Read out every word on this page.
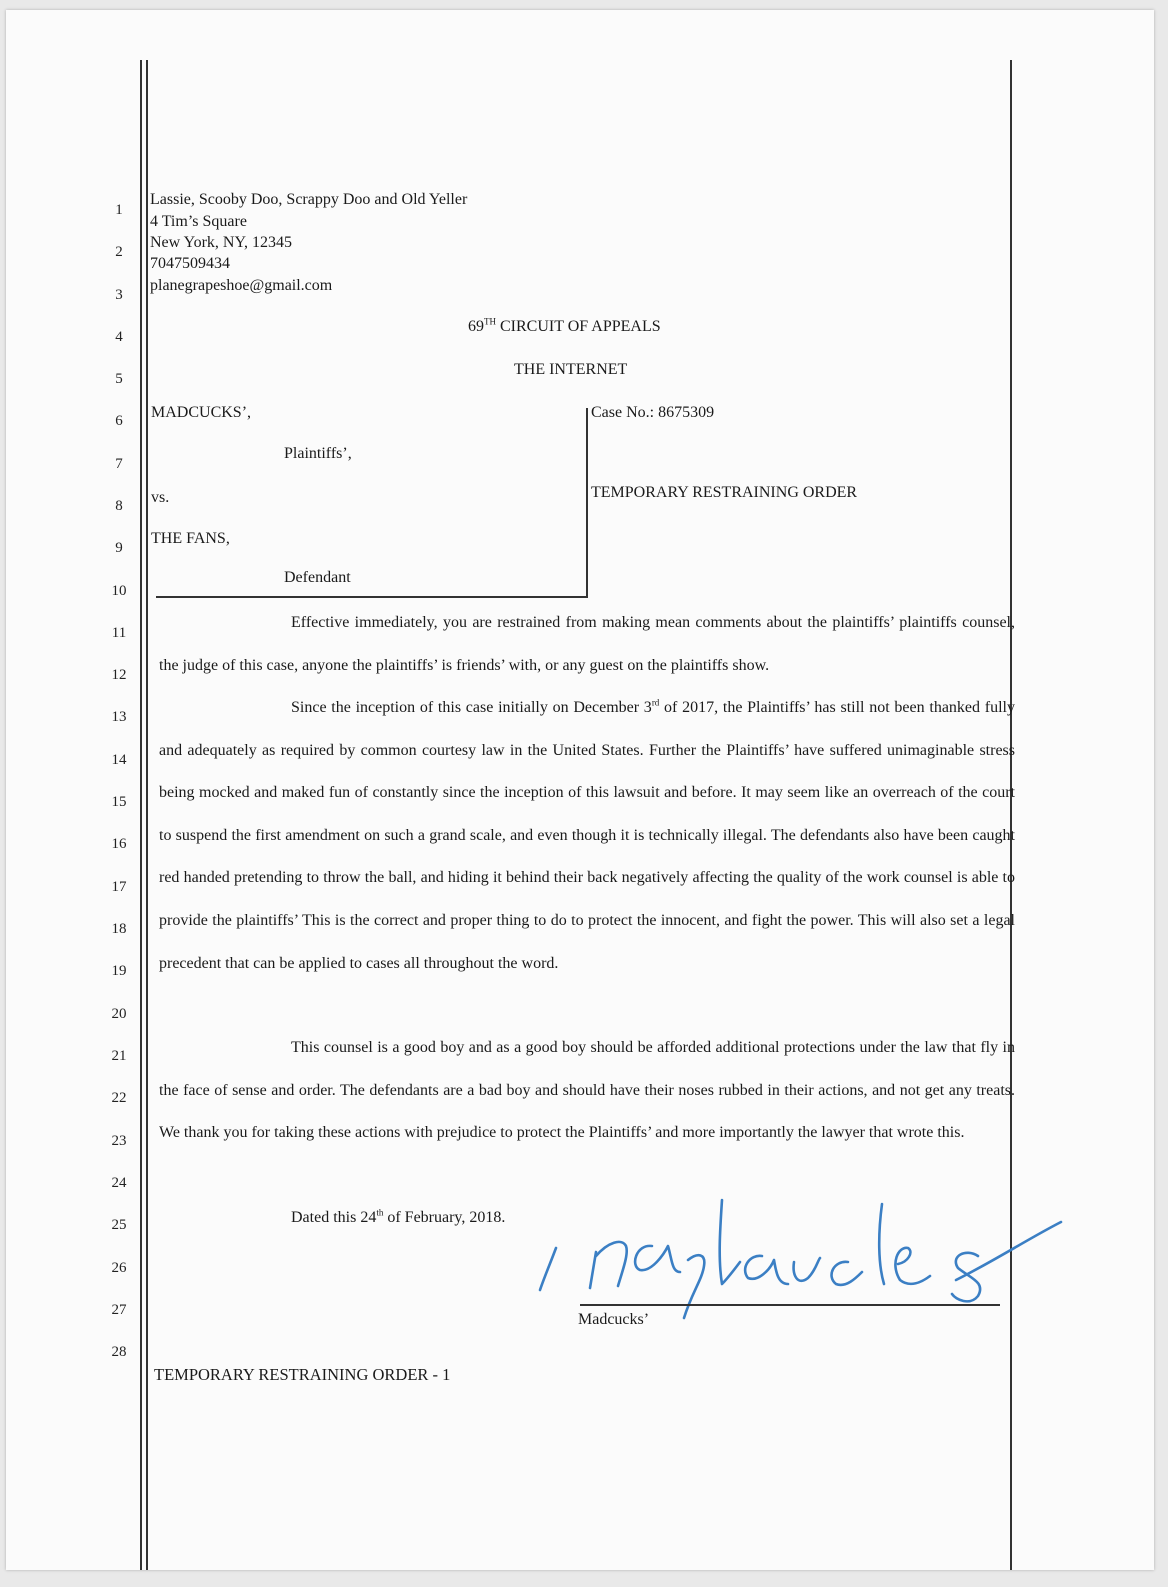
1
2
3
4
5
6
7
8
9
10
11
12
13
14
15
16
17
18
19
20
21
22
23
24
25
26
27
28
Lassie, Scooby Doo, Scrappy Doo and Old Yeller
4 Tim’s Square
New York, NY, 12345
7047509434
planegrapeshoe@gmail.com
69TH CIRCUIT OF APPEALS
THE INTERNET
MADCUCKS’,
Plaintiffs’,
vs.
THE FANS,
Defendant
Case No.: 8675309
TEMPORARY RESTRAINING ORDER
Effective immediately, you are restrained from making mean comments about the plaintiffs’ plaintiffs counsel, the judge of this case, anyone the plaintiffs’ is friends’ with, or any guest on the plaintiffs show.
Since the inception of this case initially on December 3rd of 2017, the Plaintiffs’ has still not been thanked fully and adequately as required by common courtesy law in the United States. Further the Plaintiffs’ have suffered unimaginable stress being mocked and maked fun of constantly since the inception of this lawsuit and before. It may seem like an overreach of the court to suspend the first amendment on such a grand scale, and even though it is technically illegal. The defendants also have been caught red handed pretending to throw the ball, and hiding it behind their back negatively affecting the quality of the work counsel is able to provide the plaintiffs’ This is the correct and proper thing to do to protect the innocent, and fight the power. This will also set a legal precedent that can be applied to cases all throughout the word.
This counsel is a good boy and as a good boy should be afforded additional protections under the law that fly in the face of sense and order. The defendants are a bad boy and should have their noses rubbed in their actions, and not get any treats. We thank you for taking these actions with prejudice to protect the Plaintiffs’ and more importantly the lawyer that wrote this.
Dated this 24th of February, 2018.
Madcucks
Madcucks’
TEMPORARY RESTRAINING ORDER - 1
